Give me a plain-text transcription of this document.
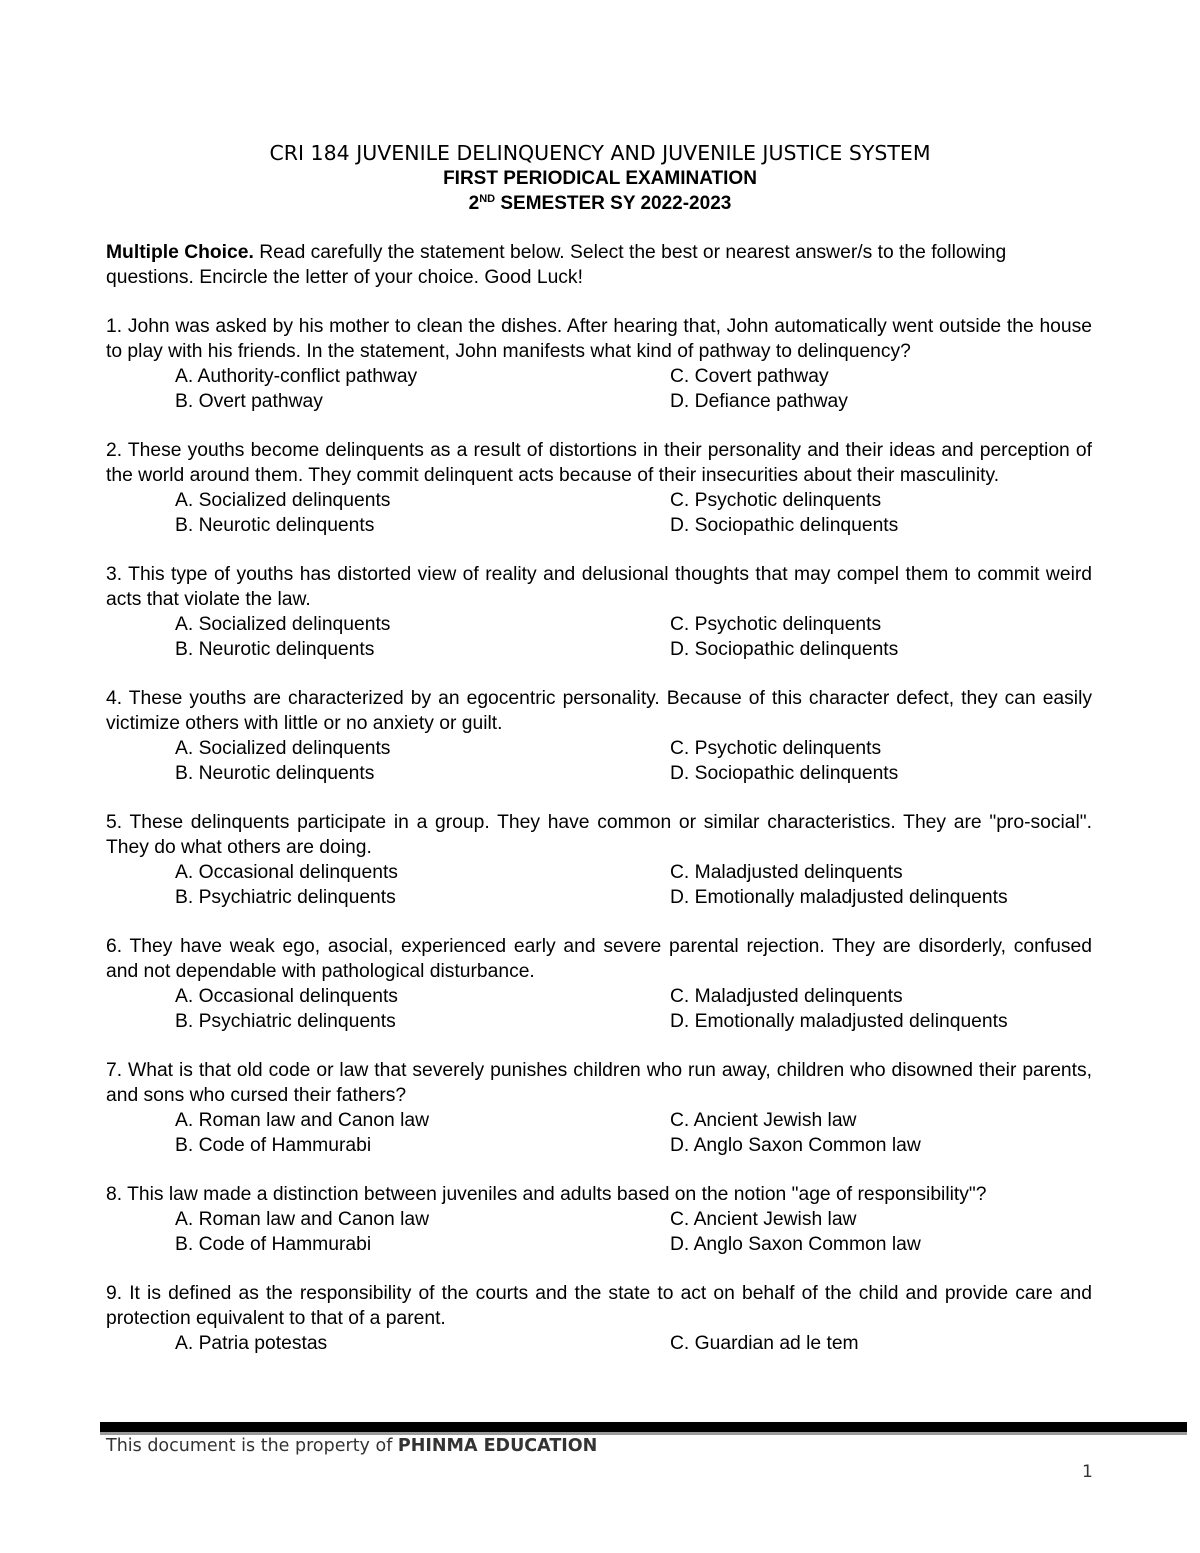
CRI 184 JUVENILE DELINQUENCY AND JUVENILE JUSTICE SYSTEM
FIRST PERIODICAL EXAMINATION
2ND SEMESTER SY 2022-2023
Multiple Choice. Read carefully the statement below. Select the best or nearest answer/s to the following questions. Encircle the letter of your choice. Good Luck!
1. John was asked by his mother to clean the dishes. After hearing that, John automatically went outside the house to play with his friends. In the statement, John manifests what kind of pathway to delinquency?
A. Authority-conflict pathway	C. Covert pathway
B. Overt pathway	D. Defiance pathway
2. These youths become delinquents as a result of distortions in their personality and their ideas and perception of the world around them. They commit delinquent acts because of their insecurities about their masculinity.
A. Socialized delinquents	C. Psychotic delinquents
B. Neurotic delinquents	D. Sociopathic delinquents
3. This type of youths has distorted view of reality and delusional thoughts that may compel them to commit weird acts that violate the law.
A. Socialized delinquents	C. Psychotic delinquents
B. Neurotic delinquents	D. Sociopathic delinquents
4. These youths are characterized by an egocentric personality. Because of this character defect, they can easily victimize others with little or no anxiety or guilt.
A. Socialized delinquents	C. Psychotic delinquents
B. Neurotic delinquents	D. Sociopathic delinquents
5. These delinquents participate in a group. They have common or similar characteristics. They are "pro-social". They do what others are doing.
A. Occasional delinquents	C. Maladjusted delinquents
B. Psychiatric delinquents	D. Emotionally maladjusted delinquents
6. They have weak ego, asocial, experienced early and severe parental rejection. They are disorderly, confused and not dependable with pathological disturbance.
A. Occasional delinquents	C. Maladjusted delinquents
B. Psychiatric delinquents	D. Emotionally maladjusted delinquents
7. What is that old code or law that severely punishes children who run away, children who disowned their parents, and sons who cursed their fathers?
A. Roman law and Canon law	C. Ancient Jewish law
B. Code of Hammurabi	D. Anglo Saxon Common law
8. This law made a distinction between juveniles and adults based on the notion "age of responsibility"?
A. Roman law and Canon law	C. Ancient Jewish law
B. Code of Hammurabi	D. Anglo Saxon Common law
9. It is defined as the responsibility of the courts and the state to act on behalf of the child and provide care and protection equivalent to that of a parent.
A. Patria potestas	C. Guardian ad le tem
This document is the property of PHINMA EDUCATION
1
